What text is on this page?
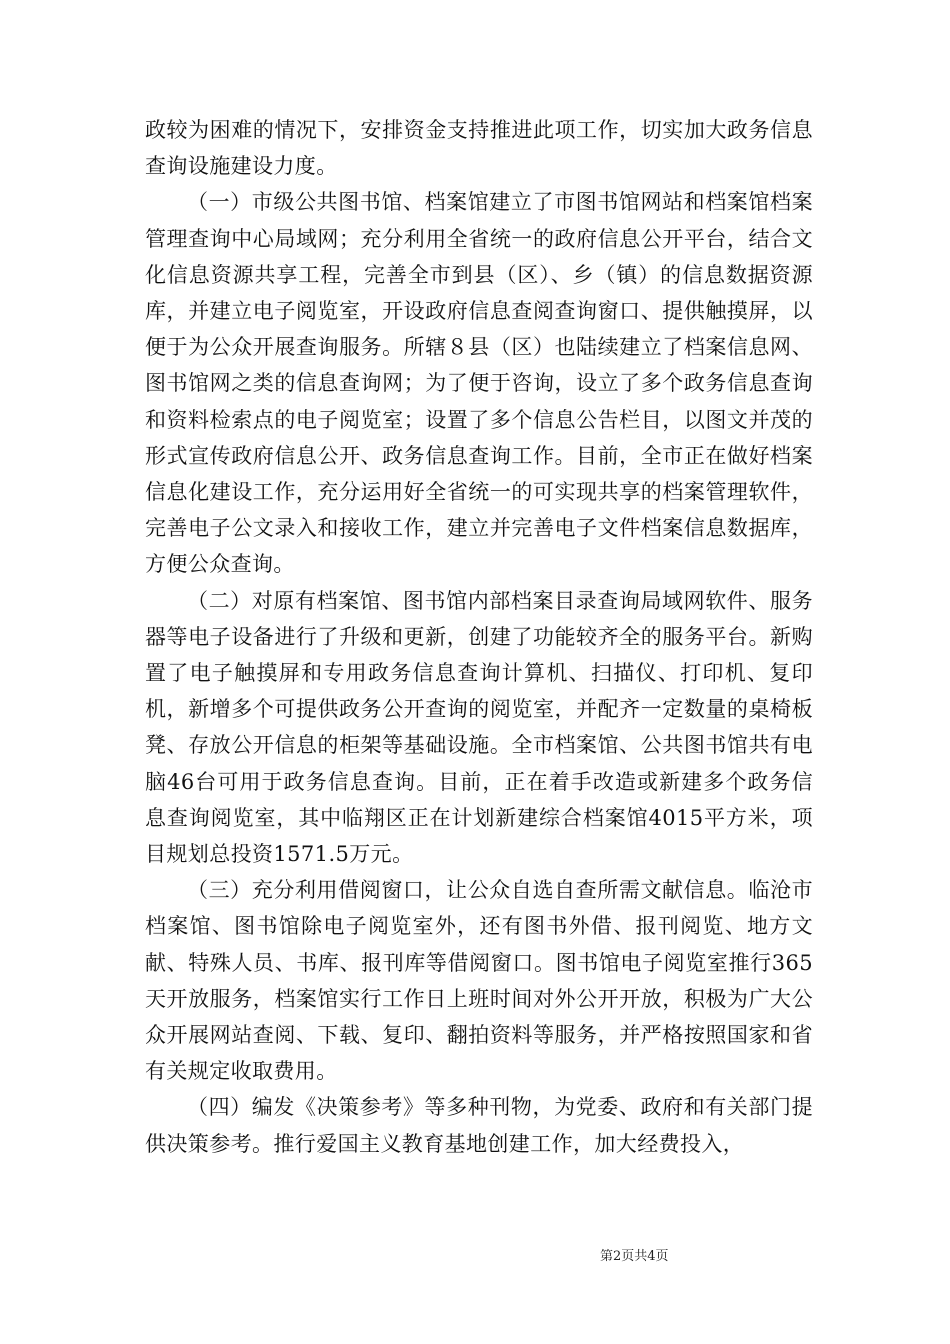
政较为困难的情况下，安排资金支持推进此项工作，切实加大政务信息查询设施建设力度。

（一）市级公共图书馆、档案馆建立了市图书馆网站和档案馆档案管理查询中心局域网；充分利用全省统一的政府信息公开平台，结合文化信息资源共享工程，完善全市到县（区）、乡（镇）的信息数据资源库，并建立电子阅览室，开设政府信息查阅查询窗口、提供触摸屏，以便于为公众开展查询服务。所辖８县（区）也陆续建立了档案信息网、图书馆网之类的信息查询网；为了便于咨询，设立了多个政务信息查询和资料检索点的电子阅览室；设置了多个信息公告栏目，以图文并茂的形式宣传政府信息公开、政务信息查询工作。目前，全市正在做好档案信息化建设工作，充分运用好全省统一的可实现共享的档案管理软件，完善电子公文录入和接收工作，建立并完善电子文件档案信息数据库，方便公众查询。

（二）对原有档案馆、图书馆内部档案目录查询局域网软件、服务器等电子设备进行了升级和更新，创建了功能较齐全的服务平台。新购置了电子触摸屏和专用政务信息查询计算机、扫描仪、打印机、复印机，新增多个可提供政务公开查询的阅览室，并配齐一定数量的桌椅板凳、存放公开信息的柜架等基础设施。全市档案馆、公共图书馆共有电脑46台可用于政务信息查询。目前，正在着手改造或新建多个政务信息查询阅览室，其中临翔区正在计划新建综合档案馆4015平方米，项目规划总投资1571.5万元。

（三）充分利用借阅窗口，让公众自选自查所需文献信息。临沧市档案馆、图书馆除电子阅览室外，还有图书外借、报刊阅览、地方文献、特殊人员、书库、报刊库等借阅窗口。图书馆电子阅览室推行365天开放服务，档案馆实行工作日上班时间对外公开开放，积极为广大公众开展网站查阅、下载、复印、翻拍资料等服务，并严格按照国家和省有关规定收取费用。

（四）编发《决策参考》等多种刊物，为党委、政府和有关部门提供决策参考。推行爱国主义教育基地创建工作，加大经费投入，

第2页共4页
